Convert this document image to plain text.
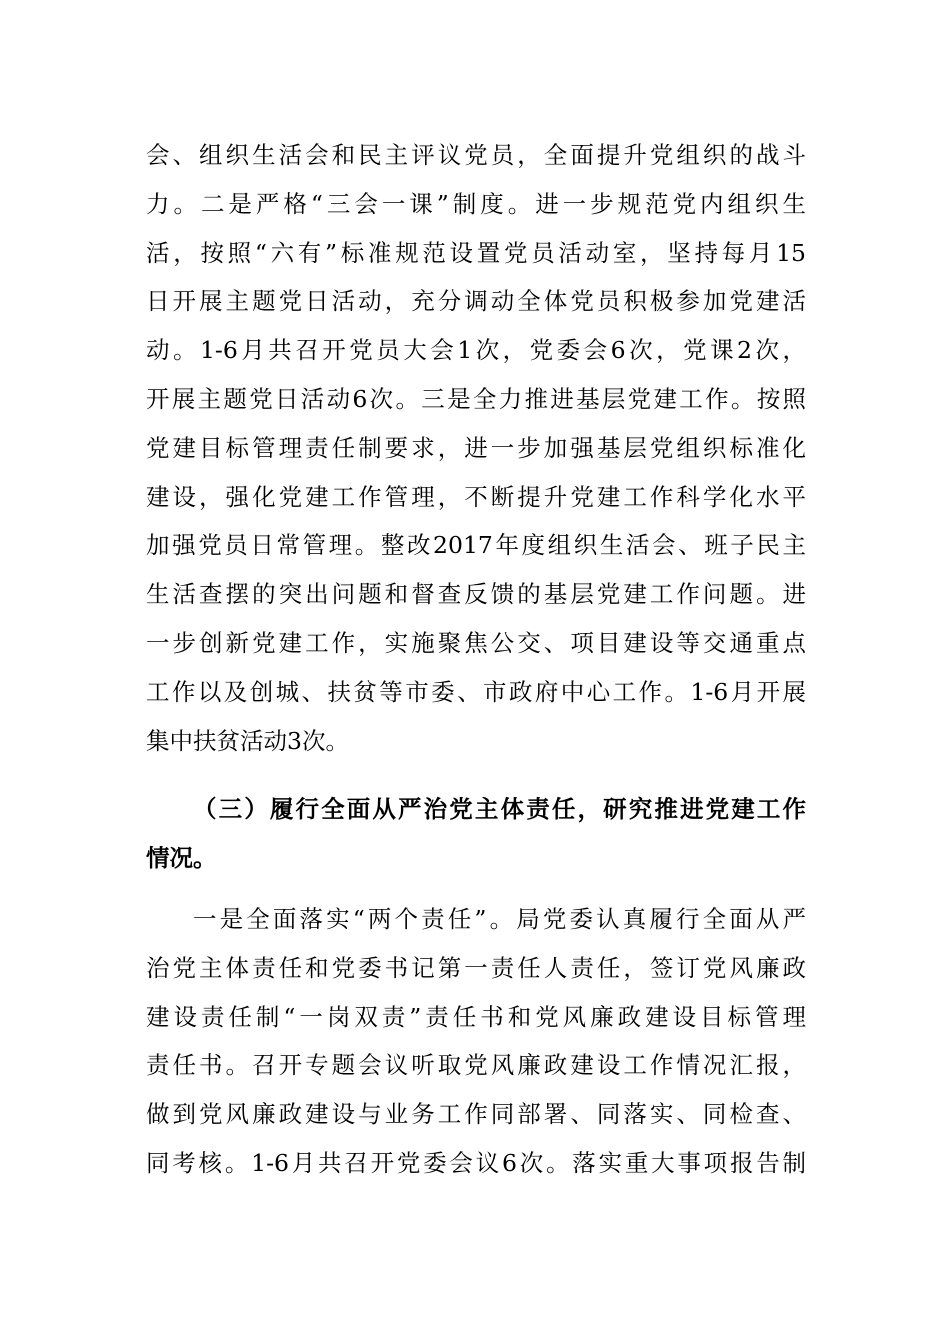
会、组织生活会和民主评议党员，全面提升党组织的战斗
力。二是严格“三会一课”制度。进一步规范党内组织生
活，按照“六有”标准规范设置党员活动室，坚持每月15
日开展主题党日活动，充分调动全体党员积极参加党建活
动。1-6月共召开党员大会1次，党委会6次，党课2次，
开展主题党日活动6次。三是全力推进基层党建工作。按照
党建目标管理责任制要求，进一步加强基层党组织标准化
建设，强化党建工作管理，不断提升党建工作科学化水平
加强党员日常管理。整改2017年度组织生活会、班子民主
生活查摆的突出问题和督查反馈的基层党建工作问题。进
一步创新党建工作，实施聚焦公交、项目建设等交通重点
工作以及创城、扶贫等市委、市政府中心工作。1-6月开展
集中扶贫活动3次。
（三）履行全面从严治党主体责任，研究推进党建工作
情况。
一是全面落实“两个责任”。局党委认真履行全面从严
治党主体责任和党委书记第一责任人责任，签订党风廉政
建设责任制“一岗双责”责任书和党风廉政建设目标管理
责任书。召开专题会议听取党风廉政建设工作情况汇报，
做到党风廉政建设与业务工作同部署、同落实、同检查、
同考核。1-6月共召开党委会议6次。落实重大事项报告制
